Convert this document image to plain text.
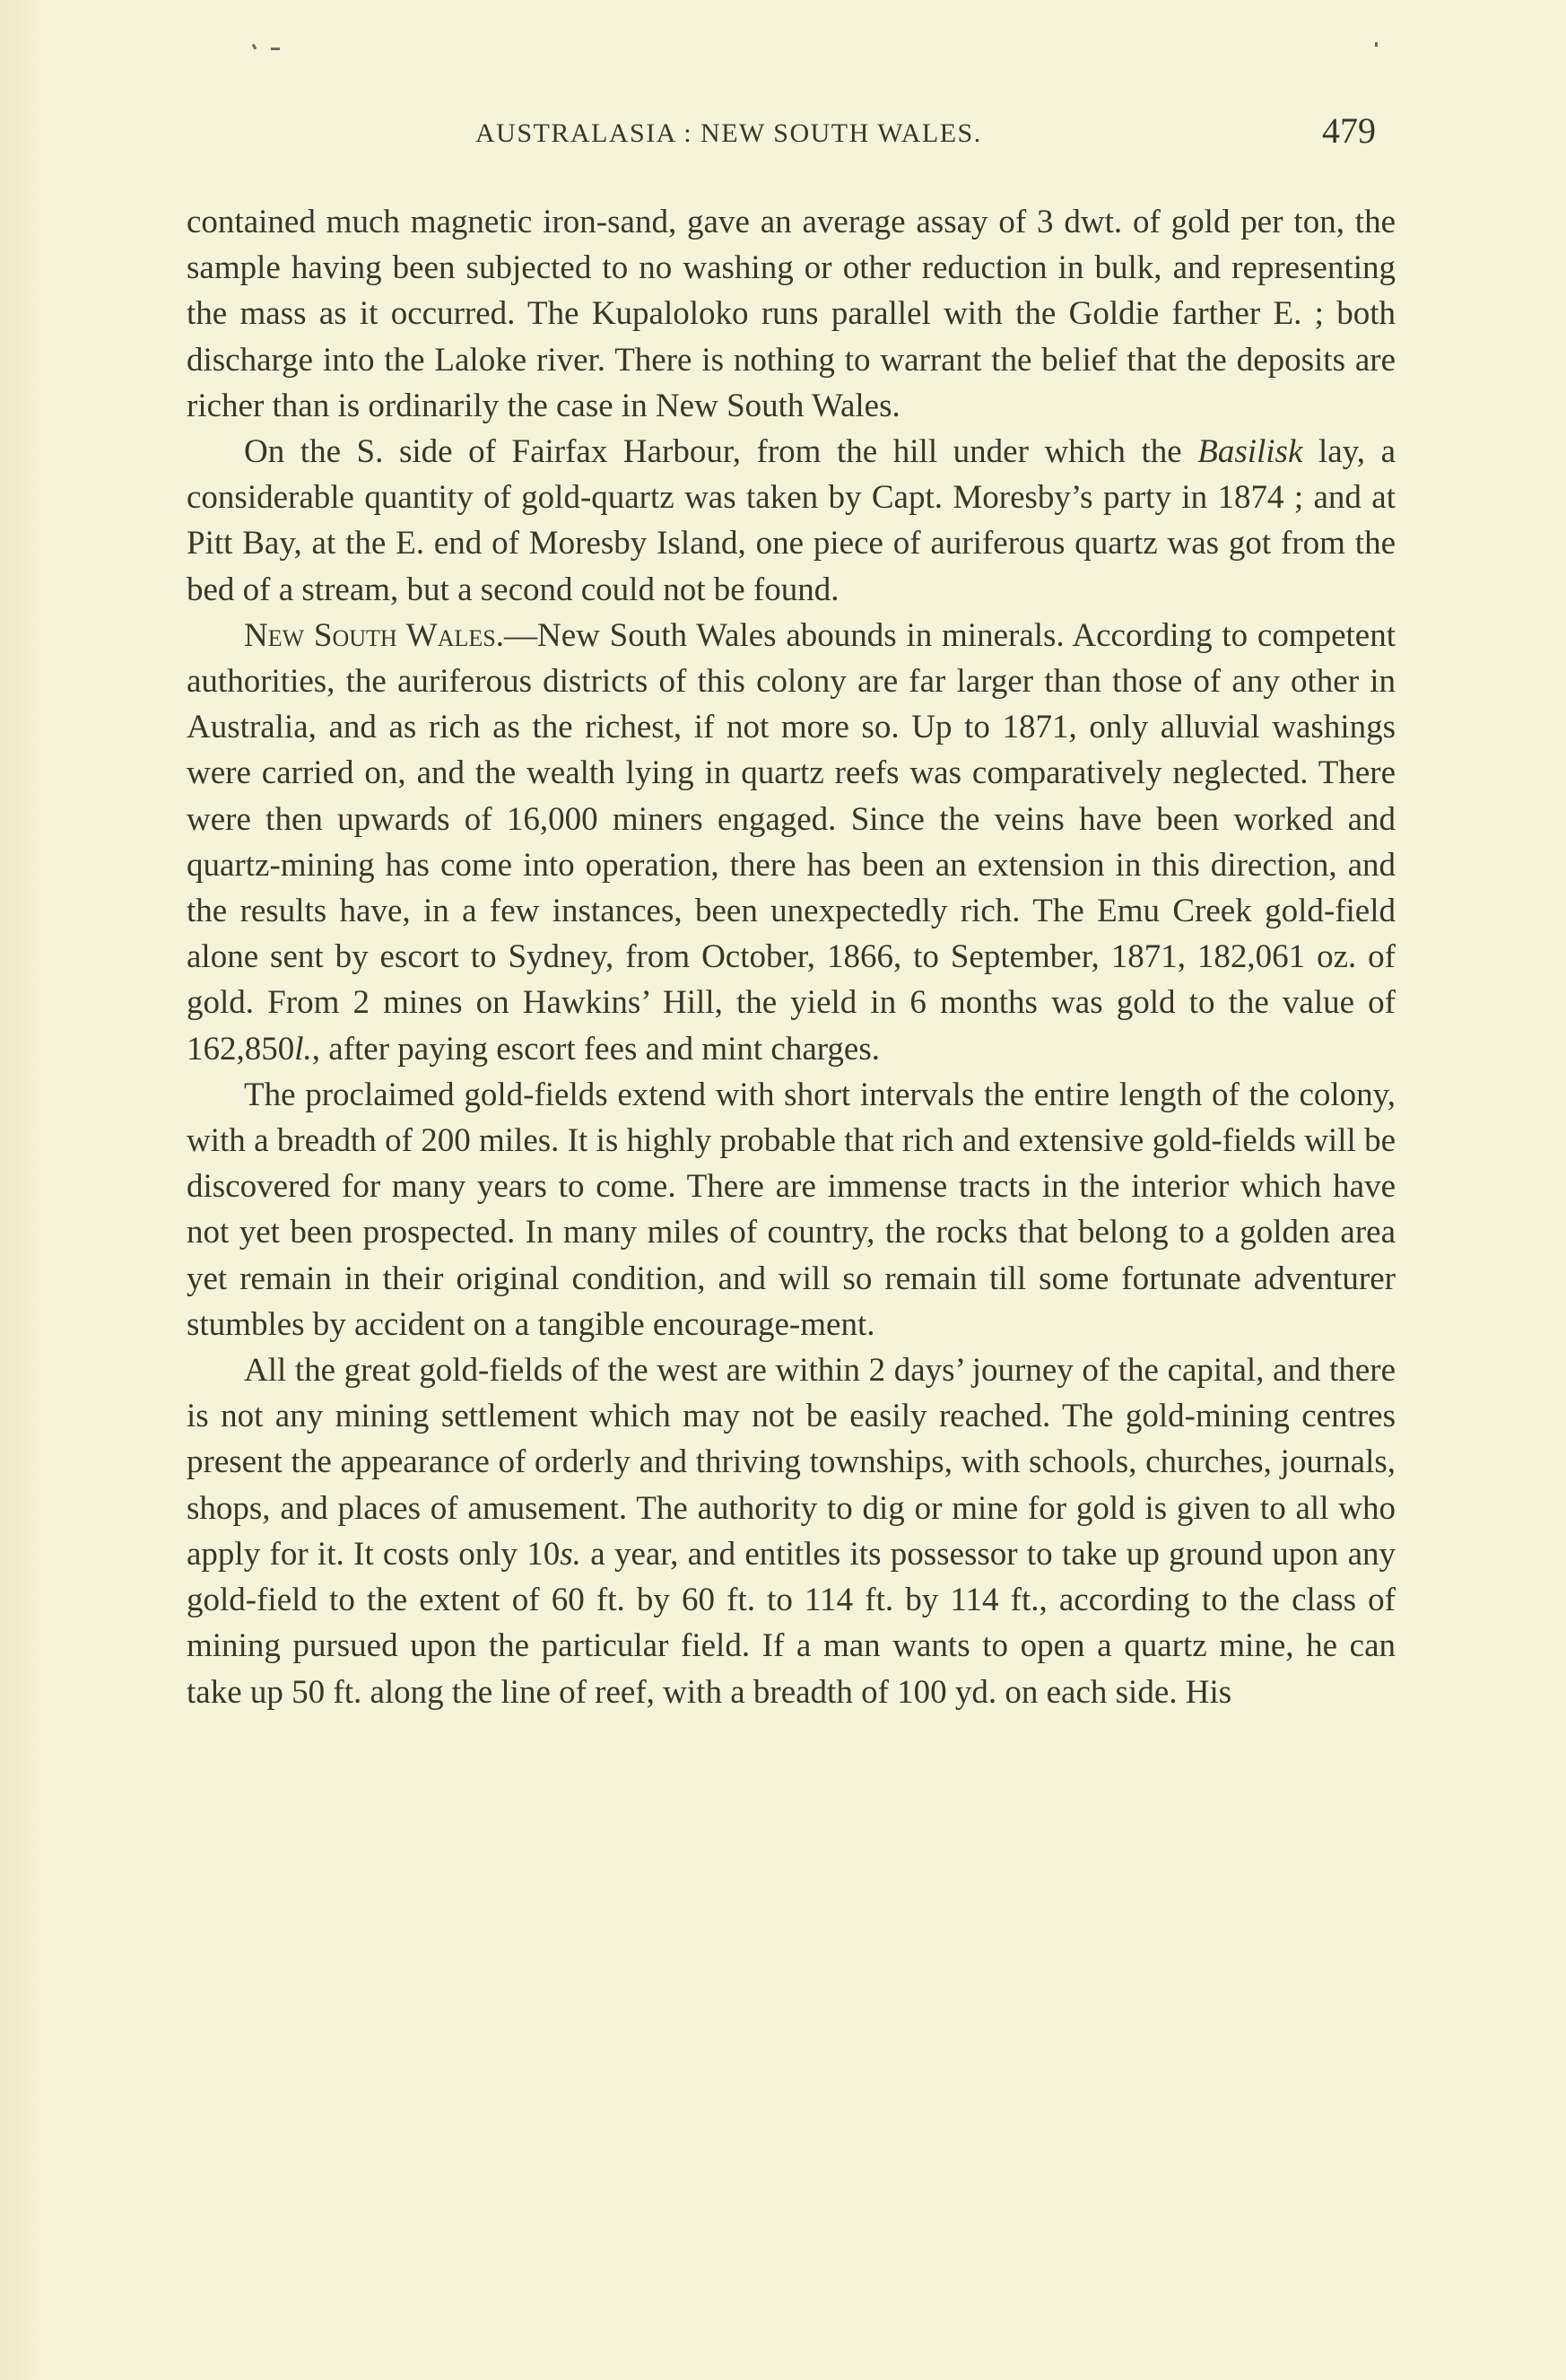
AUSTRALASIA : NEW SOUTH WALES.	479

contained much magnetic iron-sand, gave an average assay of 3 dwt. of gold per ton, the sample having been subjected to no washing or other reduction in bulk, and representing the mass as it occurred. The Kupaloloko runs parallel with the Goldie farther E. ; both discharge into the Laloke river. There is nothing to warrant the belief that the deposits are richer than is ordinarily the case in New South Wales.

On the S. side of Fairfax Harbour, from the hill under which the Basilisk lay, a considerable quantity of gold-quartz was taken by Capt. Moresby’s party in 1874 ; and at Pitt Bay, at the E. end of Moresby Island, one piece of auriferous quartz was got from the bed of a stream, but a second could not be found.

New South Wales.—New South Wales abounds in minerals. According to competent authorities, the auriferous districts of this colony are far larger than those of any other in Australia, and as rich as the richest, if not more so. Up to 1871, only alluvial washings were carried on, and the wealth lying in quartz reefs was comparatively neglected. There were then upwards of 16,000 miners engaged. Since the veins have been worked and quartz-mining has come into operation, there has been an extension in this direction, and the results have, in a few instances, been unexpectedly rich. The Emu Creek gold-field alone sent by escort to Sydney, from October, 1866, to September, 1871, 182,061 oz. of gold. From 2 mines on Hawkins’ Hill, the yield in 6 months was gold to the value of 162,850l., after paying escort fees and mint charges.

The proclaimed gold-fields extend with short intervals the entire length of the colony, with a breadth of 200 miles. It is highly probable that rich and extensive gold-fields will be discovered for many years to come. There are immense tracts in the interior which have not yet been prospected. In many miles of country, the rocks that belong to a golden area yet remain in their original condition, and will so remain till some fortunate adventurer stumbles by accident on a tangible encourage-ment.

All the great gold-fields of the west are within 2 days’ journey of the capital, and there is not any mining settlement which may not be easily reached. The gold-mining centres present the appearance of orderly and thriving townships, with schools, churches, journals, shops, and places of amusement. The authority to dig or mine for gold is given to all who apply for it. It costs only 10s. a year, and entitles its possessor to take up ground upon any gold-field to the extent of 60 ft. by 60 ft. to 114 ft. by 114 ft., according to the class of mining pursued upon the particular field. If a man wants to open a quartz mine, he can take up 50 ft. along the line of reef, with a breadth of 100 yd. on each side. His
